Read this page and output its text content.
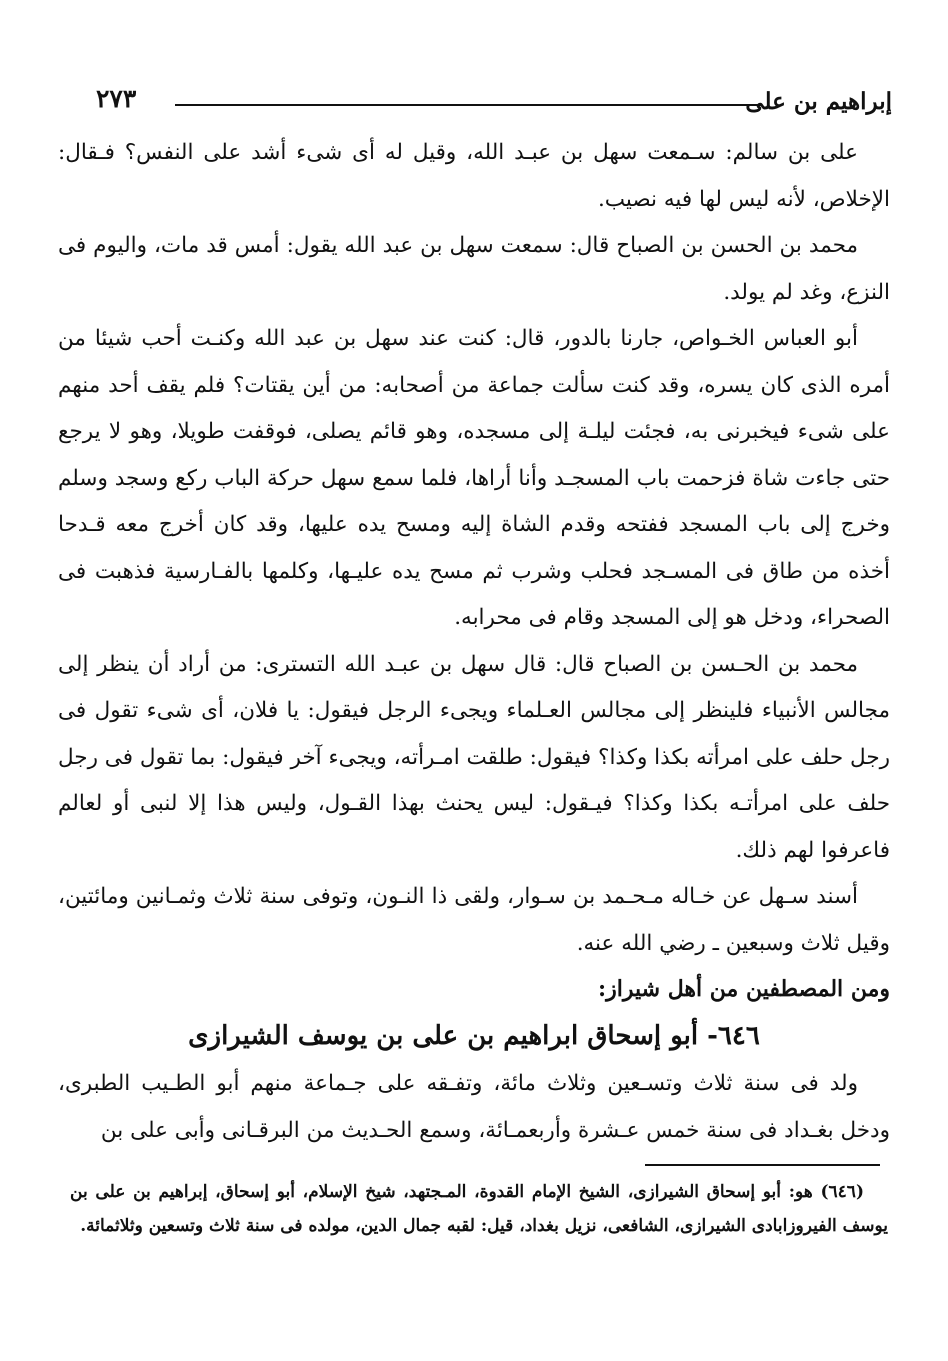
إبراهيم بن على
٢٧٣

على بن سالم: سـمعت سهل بن عبـد الله، وقيل له أى شىء أشد على النفس؟ فـقال: الإخلاص، لأنه ليس لها فيه نصيب.

محمد بن الحسن بن الصباح قال: سمعت سهل بن عبد الله يقول: أمس قد مات، واليوم فى النزع، وغد لم يولد.

أبو العباس الخـواص، جارنا بالدور، قال: كنت عند سهل بن عبد الله وكنـت أحب شيئا من أمره الذى كان يسره، وقد كنت سألت جماعة من أصحابه: من أين يقتات؟ فلم يقف أحد منهم على شىء فيخبرنى به، فجئت ليلـة إلى مسجده، وهو قائم يصلى، فوقفت طويلا، وهو لا يرجع حتى جاءت شاة فزحمت باب المسجـد وأنا أراها، فلما سمع سهل حركة الباب ركع وسجد وسلم وخرج إلى باب المسجد ففتحه وقدم الشاة إليه ومسح يده عليها، وقد كان أخرج معه قـدحا أخذه من طاق فى المسـجد فحلب وشرب ثم مسح يده عليـها، وكلمها بالفـارسية فذهبت فى الصحراء، ودخل هو إلى المسجد وقام فى محرابه.

محمد بن الحـسن بن الصباح قال: قال سهل بن عبـد الله التسترى: من أراد أن ينظر إلى مجالس الأنبياء فلينظر إلى مجالس العـلماء ويجىء الرجل فيقول: يا فلان، أى شىء تقول فى رجل حلف على امرأته بكذا وكذا؟ فيقول: طلقت امـرأته، ويجىء آخر فيقول: بما تقول فى رجل حلف على امرأتـه بكذا وكذا؟ فيـقول: ليس يحنث بهذا القـول، وليس هذا إلا لنبى أو لعالم فاعرفوا لهم ذلك.

أسند سـهل عن خـاله مـحـمد بن سـوار، ولقى ذا النـون، وتوفى سنة ثلاث وثمـانين ومائتين، وقيل ثلاث وسبعين ـ رضي الله عنه.

ومن المصطفين من أهل شيراز:

٦٤٦- أبو إسحاق ابراهيم بن على بن يوسف الشيرازى

ولد فى سنة ثلاث وتسـعين وثلاث مائة، وتفـقه على جـماعة منهم أبو الطـيب الطبرى، ودخل بغـداد فى سنة خمس عـشرة وأربعمـائة، وسمع الحـديث من البرقـانى وأبى على بن

(٦٤٦) هو: أبو إسحاق الشيرازى، الشيخ الإمام القدوة، المـجتهد، شيخ الإسلام، أبو إسحاق، إبراهيم بن على بن يوسف الفيروزابادى الشيرازى، الشافعى، نزيل بغداد، قيل: لقبه جمال الدين، مولده فى سنة ثلاث وتسعين وثلاثمائة.
